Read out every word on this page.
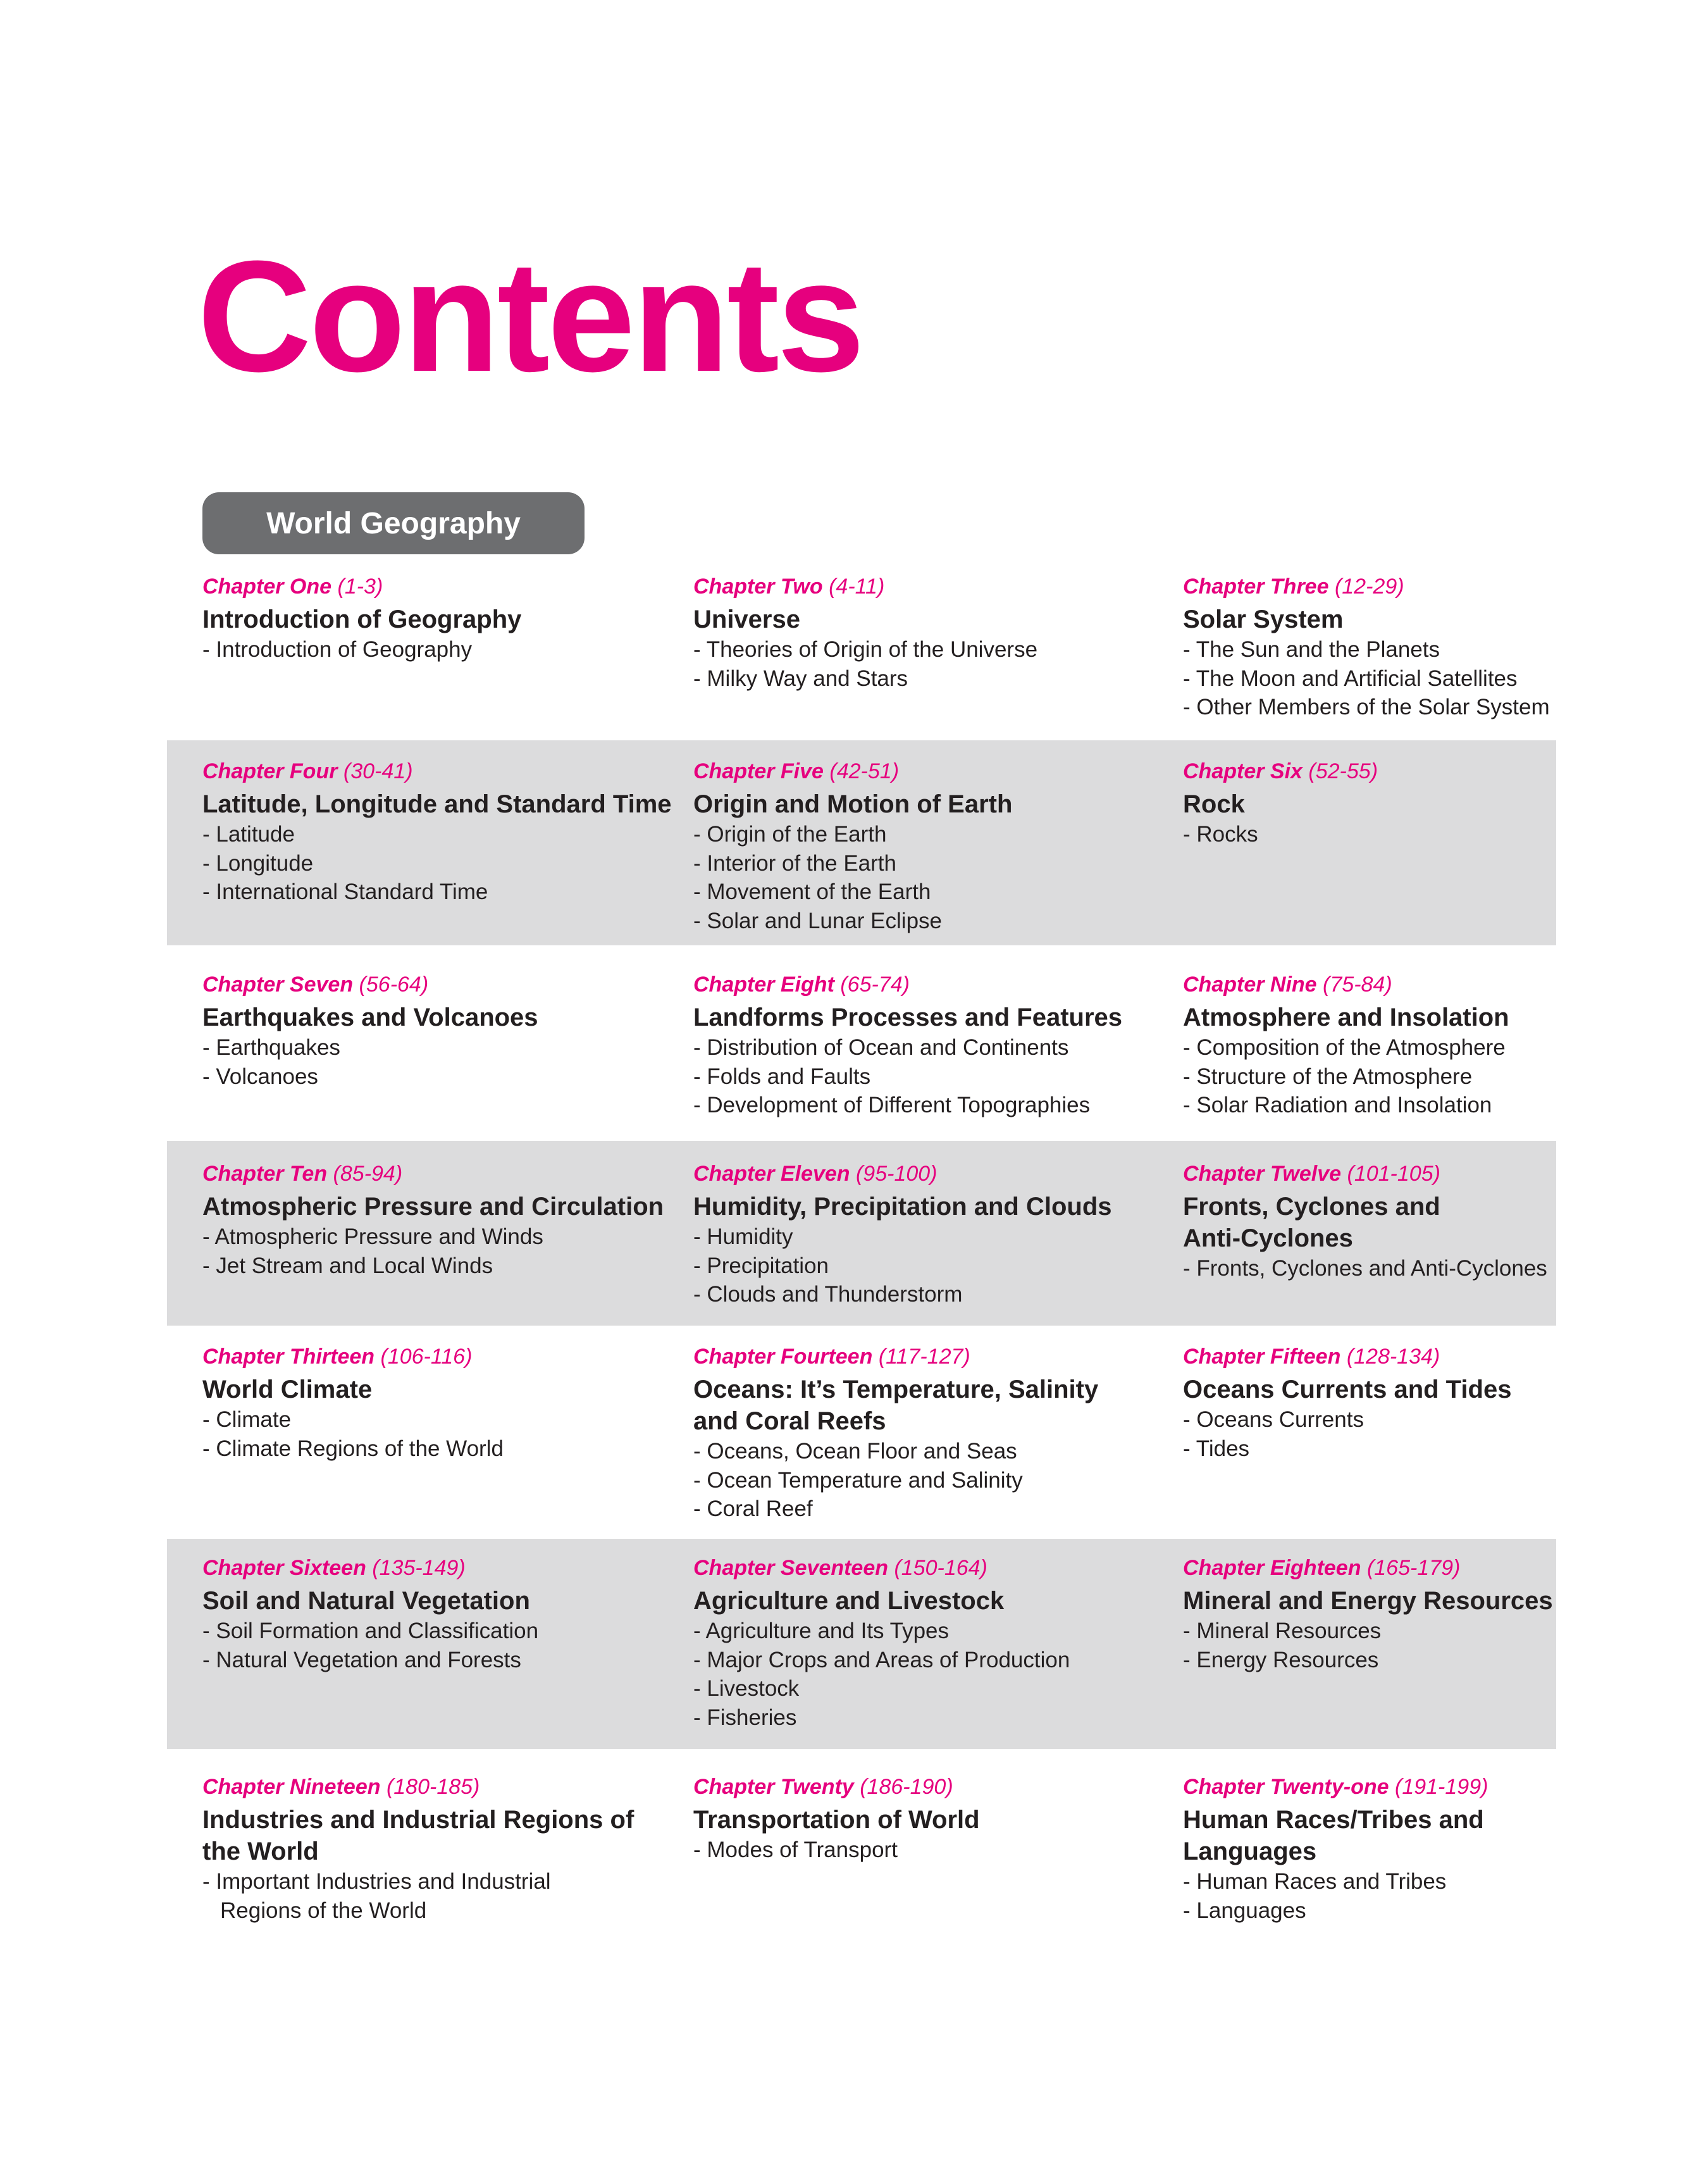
Contents
World Geography
Chapter One (1-3)
Introduction of Geography
- Introduction of Geography
Chapter Two (4-11)
Universe
- Theories of Origin of the Universe
- Milky Way and Stars
Chapter Three (12-29)
Solar System
- The Sun and the Planets
- The Moon and Artificial Satellites
- Other Members of the Solar System
Chapter Four (30-41)
Latitude, Longitude and Standard Time
- Latitude
- Longitude
- International Standard Time
Chapter Five (42-51)
Origin and Motion of Earth
- Origin of the Earth
- Interior of the Earth
- Movement of the Earth
- Solar and Lunar Eclipse
Chapter Six (52-55)
Rock
- Rocks
Chapter Seven (56-64)
Earthquakes and Volcanoes
- Earthquakes
- Volcanoes
Chapter Eight (65-74)
Landforms Processes and Features
- Distribution of Ocean and Continents
- Folds and Faults
- Development of Different Topographies
Chapter Nine (75-84)
Atmosphere and Insolation
- Composition of the Atmosphere
- Structure of the Atmosphere
- Solar Radiation and Insolation
Chapter Ten (85-94)
Atmospheric Pressure and Circulation
- Atmospheric Pressure and Winds
- Jet Stream and Local Winds
Chapter Eleven (95-100)
Humidity, Precipitation and Clouds
- Humidity
- Precipitation
- Clouds and Thunderstorm
Chapter Twelve (101-105)
Fronts, Cyclones and
Anti-Cyclones
- Fronts, Cyclones and Anti-Cyclones
Chapter Thirteen (106-116)
World Climate
- Climate
- Climate Regions of the World
Chapter Fourteen (117-127)
Oceans: It’s Temperature, Salinity
and Coral Reefs
- Oceans, Ocean Floor and Seas
- Ocean Temperature and Salinity
- Coral Reef
Chapter Fifteen (128-134)
Oceans Currents and Tides
- Oceans Currents
- Tides
Chapter Sixteen (135-149)
Soil and Natural Vegetation
- Soil Formation and Classification
- Natural Vegetation and Forests
Chapter Seventeen (150-164)
Agriculture and Livestock
- Agriculture and Its Types
- Major Crops and Areas of Production
- Livestock
- Fisheries
Chapter Eighteen (165-179)
Mineral and Energy Resources
- Mineral Resources
- Energy Resources
Chapter Nineteen (180-185)
Industries and Industrial Regions of
the World
- Important Industries and Industrial
Regions of the World
Chapter Twenty (186-190)
Transportation of World
- Modes of Transport
Chapter Twenty-one (191-199)
Human Races/Tribes and
Languages
- Human Races and Tribes
- Languages
